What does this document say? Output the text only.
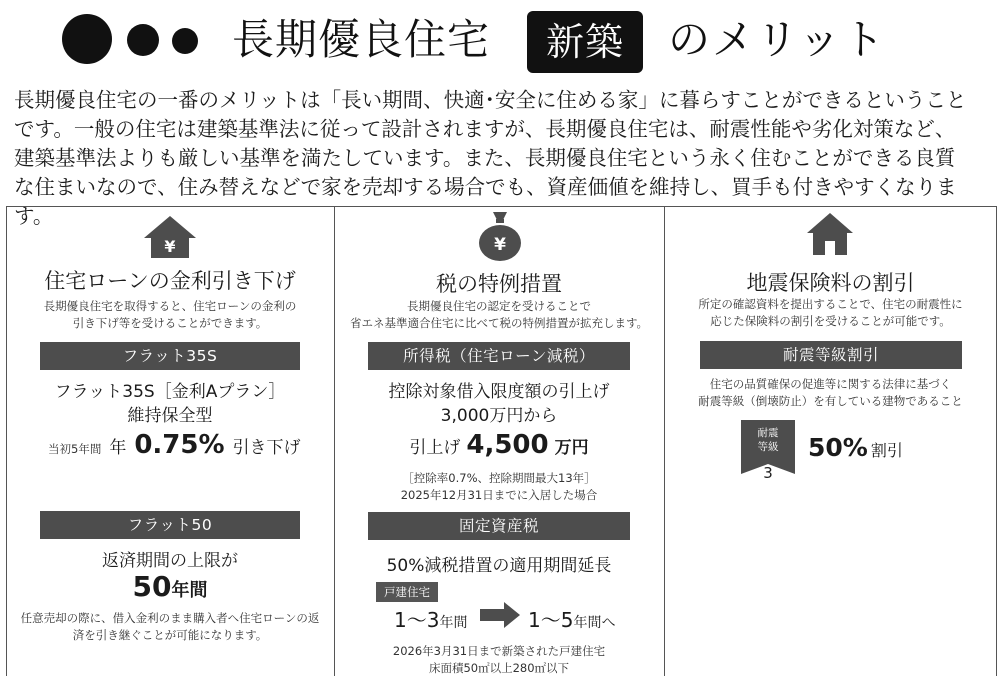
長期優良住宅	新築	のメリット
長期優良住宅の一番のメリットは「長い期間、快適･安全に住める家」に暮らすことができるということです。一般の住宅は建築基準法に従って設計されますが、長期優良住宅は、耐震性能や劣化対策など、建築基準法よりも厳しい基準を満たしています。また、長期優良住宅という永く住むことができる良質な住まいなので、住み替えなどで家を売却する場合でも、資産価値を維持し、買手も付きやすくなります。
¥
住宅ローンの金利引き下げ
長期優良住宅を取得すると、住宅ローンの金利の
引き下げ等を受けることができます。
フラット35S
フラット35S［金利Aプラン］
維持保全型
当初5年間 年 0.75% 引き下げ
フラット50
返済期間の上限が
50 年間
任意売却の際に、借入金利のまま購入者へ住宅ローンの返
済を引き継ぐことが可能になります。
¥
税の特例措置
長期優良住宅の認定を受けることで
省エネ基準適合住宅に比べて税の特例措置が拡充します。
所得税（住宅ローン減税）
控除対象借入限度額の引上げ
3,000万円から
引上げ 4,500 万円
［控除率0.7%、控除期間最大13年］
2025年12月31日までに入居した場合
固定資産税
50%減税措置の適用期間延長
戸建住宅
1～3 年間	1～5 年間へ
2026年3月31日まで新築された戸建住宅
床面積50㎡以上280㎡以下
地震保険料の割引
所定の確認資料を提出することで、住宅の耐震性に
応じた保険料の割引を受けることが可能です。
耐震等級割引
住宅の品質確保の促進等に関する法律に基づく
耐震等級（倒壊防止）を有している建物であること
耐震
等級
3
50% 割引
